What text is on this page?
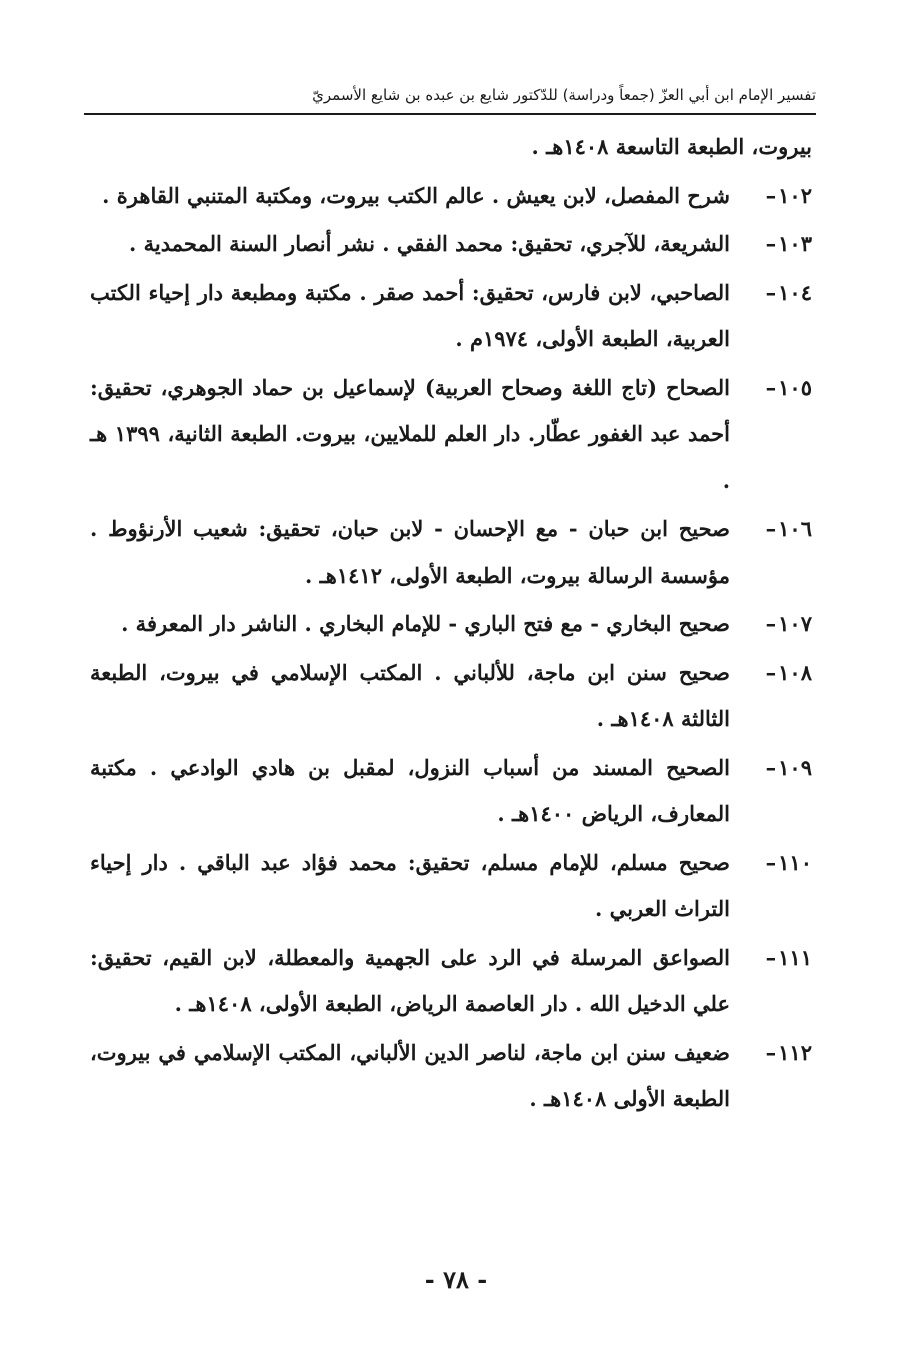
تفسير الإمام ابن أبي العزّ (جمعاً ودراسة) للدّكتور شايع بن عبده بن شايع الأسمريّ
بيروت، الطبعة التاسعة ١٤٠٨هـ .
١٠٢–
شرح المفصل، لابن يعيش . عالم الكتب بيروت، ومكتبة المتنبي القاهرة .
١٠٣–
الشريعة، للآجري، تحقيق: محمد الفقي . نشر أنصار السنة المحمدية .
١٠٤–
الصاحبي، لابن فارس، تحقيق: أحمد صقر . مكتبة ومطبعة دار إحياء الكتب العربية، الطبعة الأولى، ١٩٧٤م .
١٠٥–
الصحاح (تاج اللغة وصحاح العربية) لإسماعيل بن حماد الجوهري، تحقيق: أحمد عبد الغفور عطّار. دار العلم للملايين، بيروت. الطبعة الثانية، ١٣٩٩ هـ .
١٠٦–
صحيح ابن حبان - مع الإحسان - لابن حبان، تحقيق: شعيب الأرنؤوط . مؤسسة الرسالة بيروت، الطبعة الأولى، ١٤١٢هـ .
١٠٧–
صحيح البخاري - مع فتح الباري - للإمام البخاري . الناشر دار المعرفة .
١٠٨–
صحيح سنن ابن ماجة، للألباني . المكتب الإسلامي في بيروت، الطبعة الثالثة ١٤٠٨هـ .
١٠٩–
الصحيح المسند من أسباب النزول، لمقبل بن هادي الوادعي . مكتبة المعارف، الرياض ١٤٠٠هـ .
١١٠–
صحيح مسلم، للإمام مسلم، تحقيق: محمد فؤاد عبد الباقي . دار إحياء التراث العربي .
١١١–
الصواعق المرسلة في الرد على الجهمية والمعطلة، لابن القيم، تحقيق: علي الدخيل الله . دار العاصمة الرياض، الطبعة الأولى، ١٤٠٨هـ .
١١٢–
ضعيف سنن ابن ماجة، لناصر الدين الألباني، المكتب الإسلامي في بيروت، الطبعة الأولى ١٤٠٨هـ .
- ٧٨ -
